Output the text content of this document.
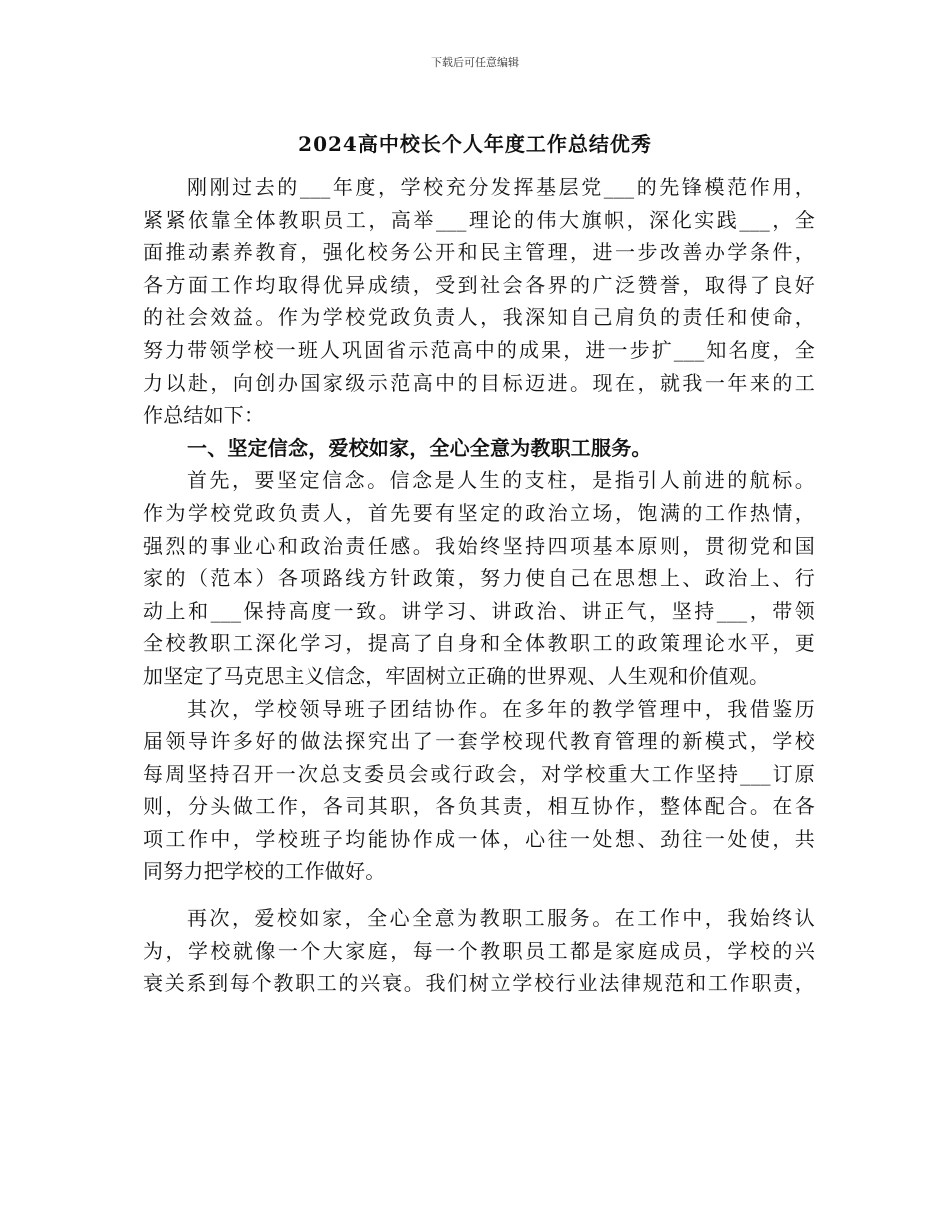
下载后可任意编辑
2024高中校长个人年度工作总结优秀
刚刚过去的___年度，学校充分发挥基层党___的先锋模范作用，
紧紧依靠全体教职员工，高举___理论的伟大旗帜，深化实践___，全
面推动素养教育，强化校务公开和民主管理，进一步改善办学条件，
各方面工作均取得优异成绩，受到社会各界的广泛赞誉，取得了良好
的社会效益。作为学校党政负责人，我深知自己肩负的责任和使命，
努力带领学校一班人巩固省示范高中的成果，进一步扩___知名度，全
力以赴，向创办国家级示范高中的目标迈进。现在，就我一年来的工
作总结如下：
一、坚定信念，爱校如家，全心全意为教职工服务。
首先，要坚定信念。信念是人生的支柱，是指引人前进的航标。
作为学校党政负责人，首先要有坚定的政治立场，饱满的工作热情，
强烈的事业心和政治责任感。我始终坚持四项基本原则，贯彻党和国
家的（范本）各项路线方针政策，努力使自己在思想上、政治上、行
动上和___保持高度一致。讲学习、讲政治、讲正气，坚持___，带领
全校教职工深化学习，提高了自身和全体教职工的政策理论水平，更
加坚定了马克思主义信念，牢固树立正确的世界观、人生观和价值观。
其次，学校领导班子团结协作。在多年的教学管理中，我借鉴历
届领导许多好的做法探究出了一套学校现代教育管理的新模式，学校
每周坚持召开一次总支委员会或行政会，对学校重大工作坚持___订原
则，分头做工作，各司其职，各负其责，相互协作，整体配合。在各
项工作中，学校班子均能协作成一体，心往一处想、劲往一处使，共
同努力把学校的工作做好。
再次，爱校如家，全心全意为教职工服务。在工作中，我始终认
为，学校就像一个大家庭，每一个教职员工都是家庭成员，学校的兴
衰关系到每个教职工的兴衰。我们树立学校行业法律规范和工作职责，
